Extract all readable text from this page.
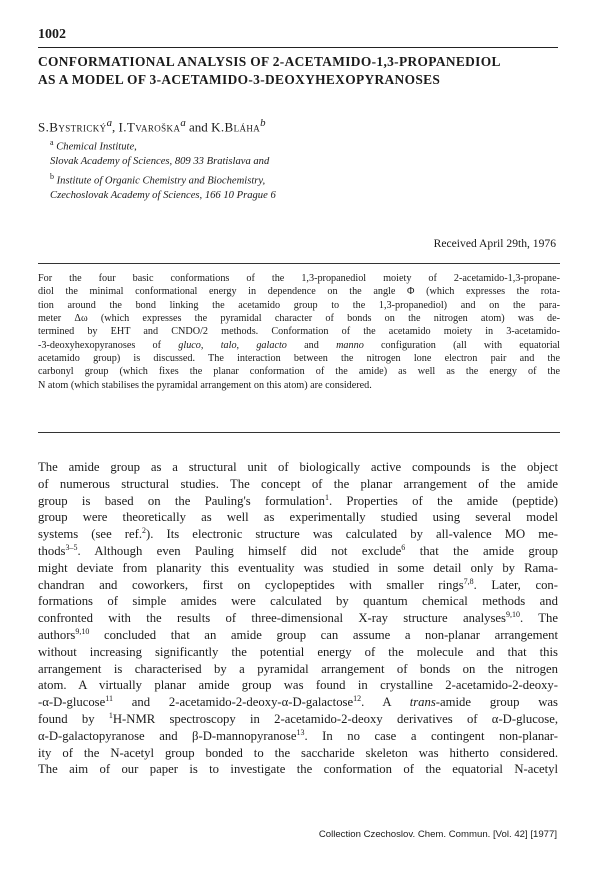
1002
CONFORMATIONAL ANALYSIS OF 2-ACETAMIDO-1,3-PROPANEDIOL
AS A MODEL OF 3-ACETAMIDO-3-DEOXYHEXOPYRANOSES
S.Bystrický$^a$, I.Tvaroška$^a$ and K.Bláha$^b$
$^a$ Chemical Institute,
Slovak Academy of Sciences, 809 33 Bratislava and
$^b$ Institute of Organic Chemistry and Biochemistry,
Czechoslovak Academy of Sciences, 166 10 Prague 6
Received April 29th, 1976
For the four basic conformations of the 1,3-propanediol moiety of 2-acetamido-1,3-propane-
diol the minimal conformational energy in dependence on the angle Φ (which expresses the rota-
tion around the bond linking the acetamido group to the 1,3-propanediol) and on the para-
meter Δω (which expresses the pyramidal character of bonds on the nitrogen atom) was de-
termined by EHT and CNDO/2 methods. Conformation of the acetamido moiety in 3-acetamido-
-3-deoxyhexopyranoses of gluco, talo, galacto and manno configuration (all with equatorial
acetamido group) is discussed. The interaction between the nitrogen lone electron pair and the
carbonyl group (which fixes the planar conformation of the amide) as well as the energy of the
N atom (which stabilises the pyramidal arrangement on this atom) are considered.
The amide group as a structural unit of biologically active compounds is the object
of numerous structural studies. The concept of the planar arrangement of the amide
group is based on the Pauling's formulation$^1$. Properties of the amide (peptide)
group were theoretically as well as experimentally studied using several model
systems (see ref.$^2$). Its electronic structure was calculated by all-valence MO me-
thods$^{3-5}$. Although even Pauling himself did not exclude$^6$ that the amide group
might deviate from planarity this eventuality was studied in some detail only by Rama-
chandran and coworkers, first on cyclopeptides with smaller rings$^{7,8}$. Later, con-
formations of simple amides were calculated by quantum chemical methods and
confronted with the results of three-dimensional X-ray structure analyses$^{9,10}$. The
authors$^{9,10}$ concluded that an amide group can assume a non-planar arrangement
without increasing significantly the potential energy of the molecule and that this
arrangement is characterised by a pyramidal arrangement of bonds on the nitrogen
atom. A virtually planar amide group was found in crystalline 2-acetamido-2-deoxy-
-α-D-glucose$^{11}$ and 2-acetamido-2-deoxy-α-D-galactose$^{12}$. A trans-amide group was
found by $^1$H-NMR spectroscopy in 2-acetamido-2-deoxy derivatives of α-D-glucose,
α-D-galactopyranose and β-D-mannopyranose$^{13}$. In no case a contingent non-planar-
ity of the N-acetyl group bonded to the saccharide skeleton was hitherto considered.
The aim of our paper is to investigate the conformation of the equatorial N-acetyl
Collection Czechoslov. Chem. Commun. [Vol. 42] [1977]
